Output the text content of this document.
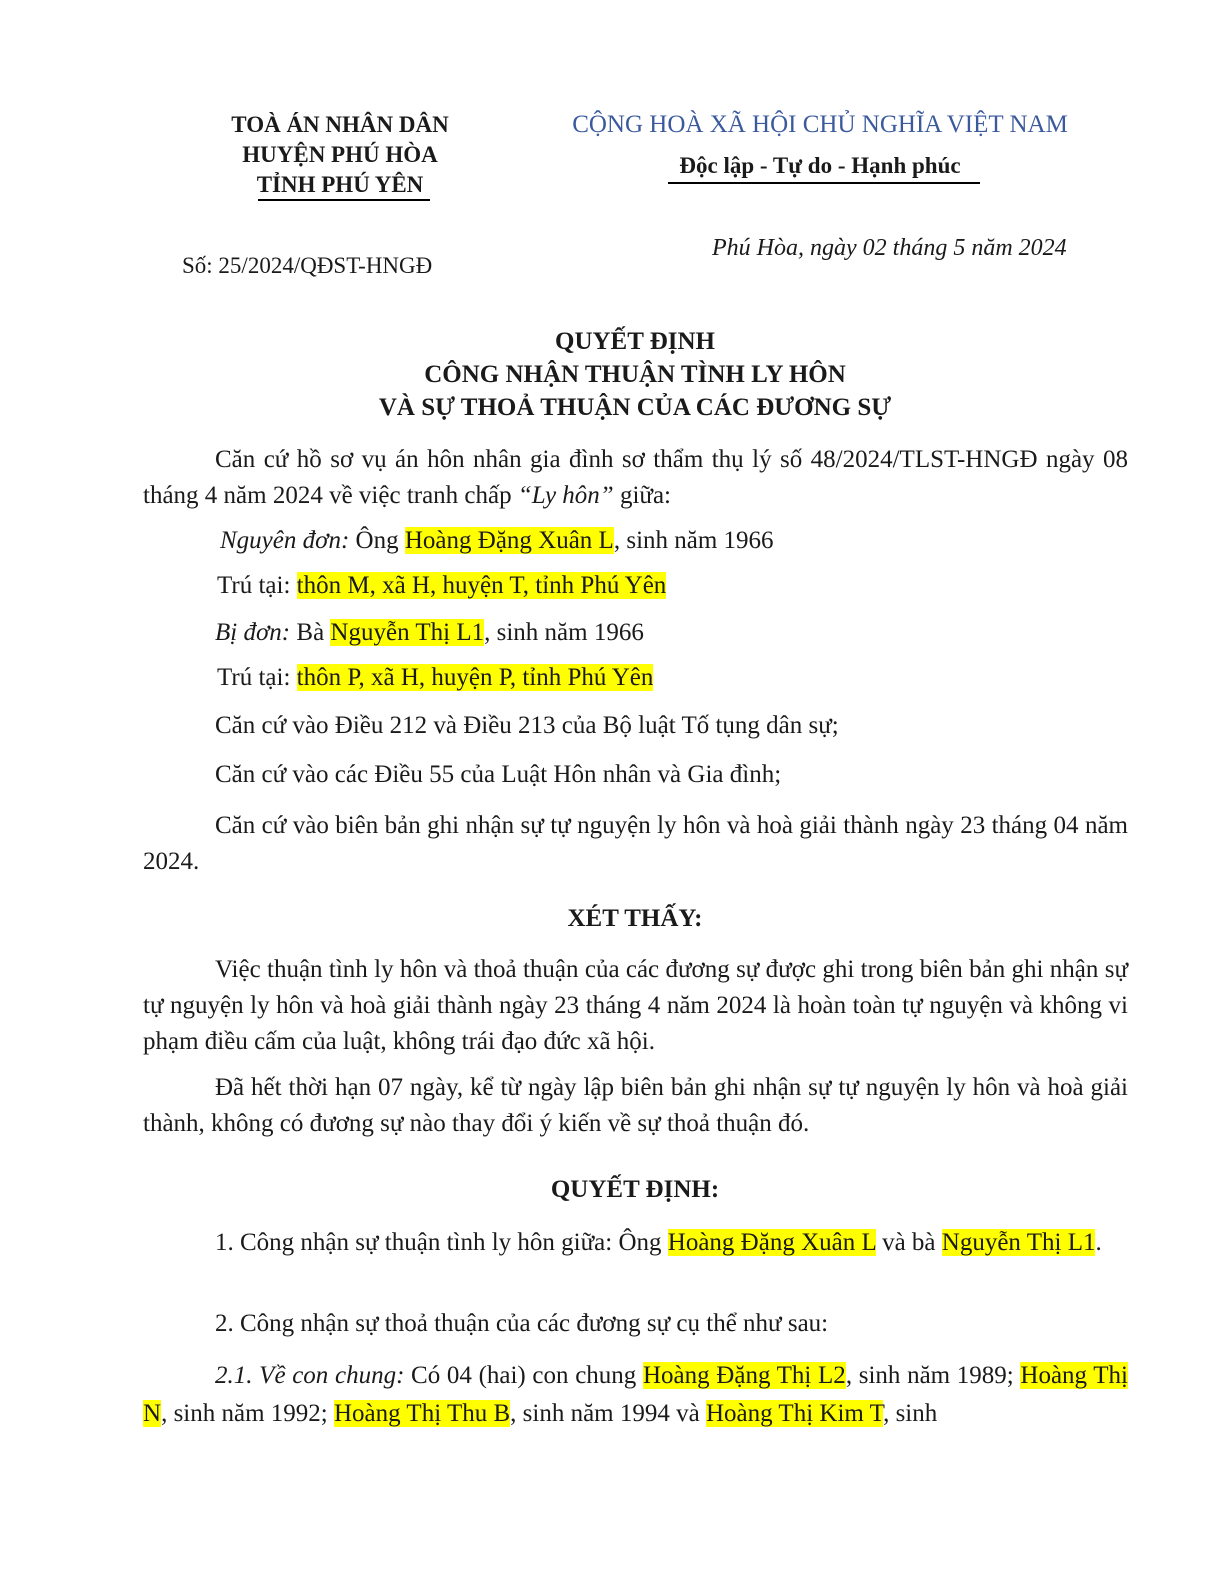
TOÀ ÁN NHÂN DÂN
HUYỆN PHÚ HÒA
TỈNH PHÚ YÊN
CỘNG HOÀ XÃ HỘI CHỦ NGHĨA VIỆT NAM
Độc lập - Tự do - Hạnh phúc
Số: 25/2024/QĐST-HNGĐ
Phú Hòa, ngày 02 tháng 5 năm 2024
QUYẾT ĐỊNH
CÔNG NHẬN THUẬN TÌNH LY HÔN
VÀ SỰ THOẢ THUẬN CỦA CÁC ĐƯƠNG SỰ
Căn cứ hồ sơ vụ án hôn nhân gia đình sơ thẩm thụ lý số 48/2024/TLST-HNGĐ ngày 08 tháng 4 năm 2024 về việc tranh chấp “Ly hôn” giữa:
Nguyên đơn: Ông Hoàng Đặng Xuân L, sinh năm 1966
Trú tại: thôn M, xã H, huyện T, tỉnh Phú Yên
Bị đơn: Bà Nguyễn Thị L1, sinh năm 1966
Trú tại: thôn P, xã H, huyện P, tỉnh Phú Yên
Căn cứ vào Điều 212 và Điều 213 của Bộ luật Tố tụng dân sự;
Căn cứ vào các Điều 55 của Luật Hôn nhân và Gia đình;
Căn cứ vào biên bản ghi nhận sự tự nguyện ly hôn và hoà giải thành ngày 23 tháng 04 năm 2024.
XÉT THẤY:
Việc thuận tình ly hôn và thoả thuận của các đương sự được ghi trong biên bản ghi nhận sự tự nguyện ly hôn và hoà giải thành ngày 23 tháng 4 năm 2024 là hoàn toàn tự nguyện và không vi phạm điều cấm của luật, không trái đạo đức xã hội.
Đã hết thời hạn 07 ngày, kể từ ngày lập biên bản ghi nhận sự tự nguyện ly hôn và hoà giải thành, không có đương sự nào thay đổi ý kiến về sự thoả thuận đó.
QUYẾT ĐỊNH:
1. Công nhận sự thuận tình ly hôn giữa: Ông Hoàng Đặng Xuân L và bà Nguyễn Thị L1.
2. Công nhận sự thoả thuận của các đương sự cụ thể như sau:
2.1. Về con chung: Có 04 (hai) con chung Hoàng Đặng Thị L2, sinh năm 1989; Hoàng Thị N, sinh năm 1992; Hoàng Thị Thu B, sinh năm 1994 và Hoàng Thị Kim T, sinh
